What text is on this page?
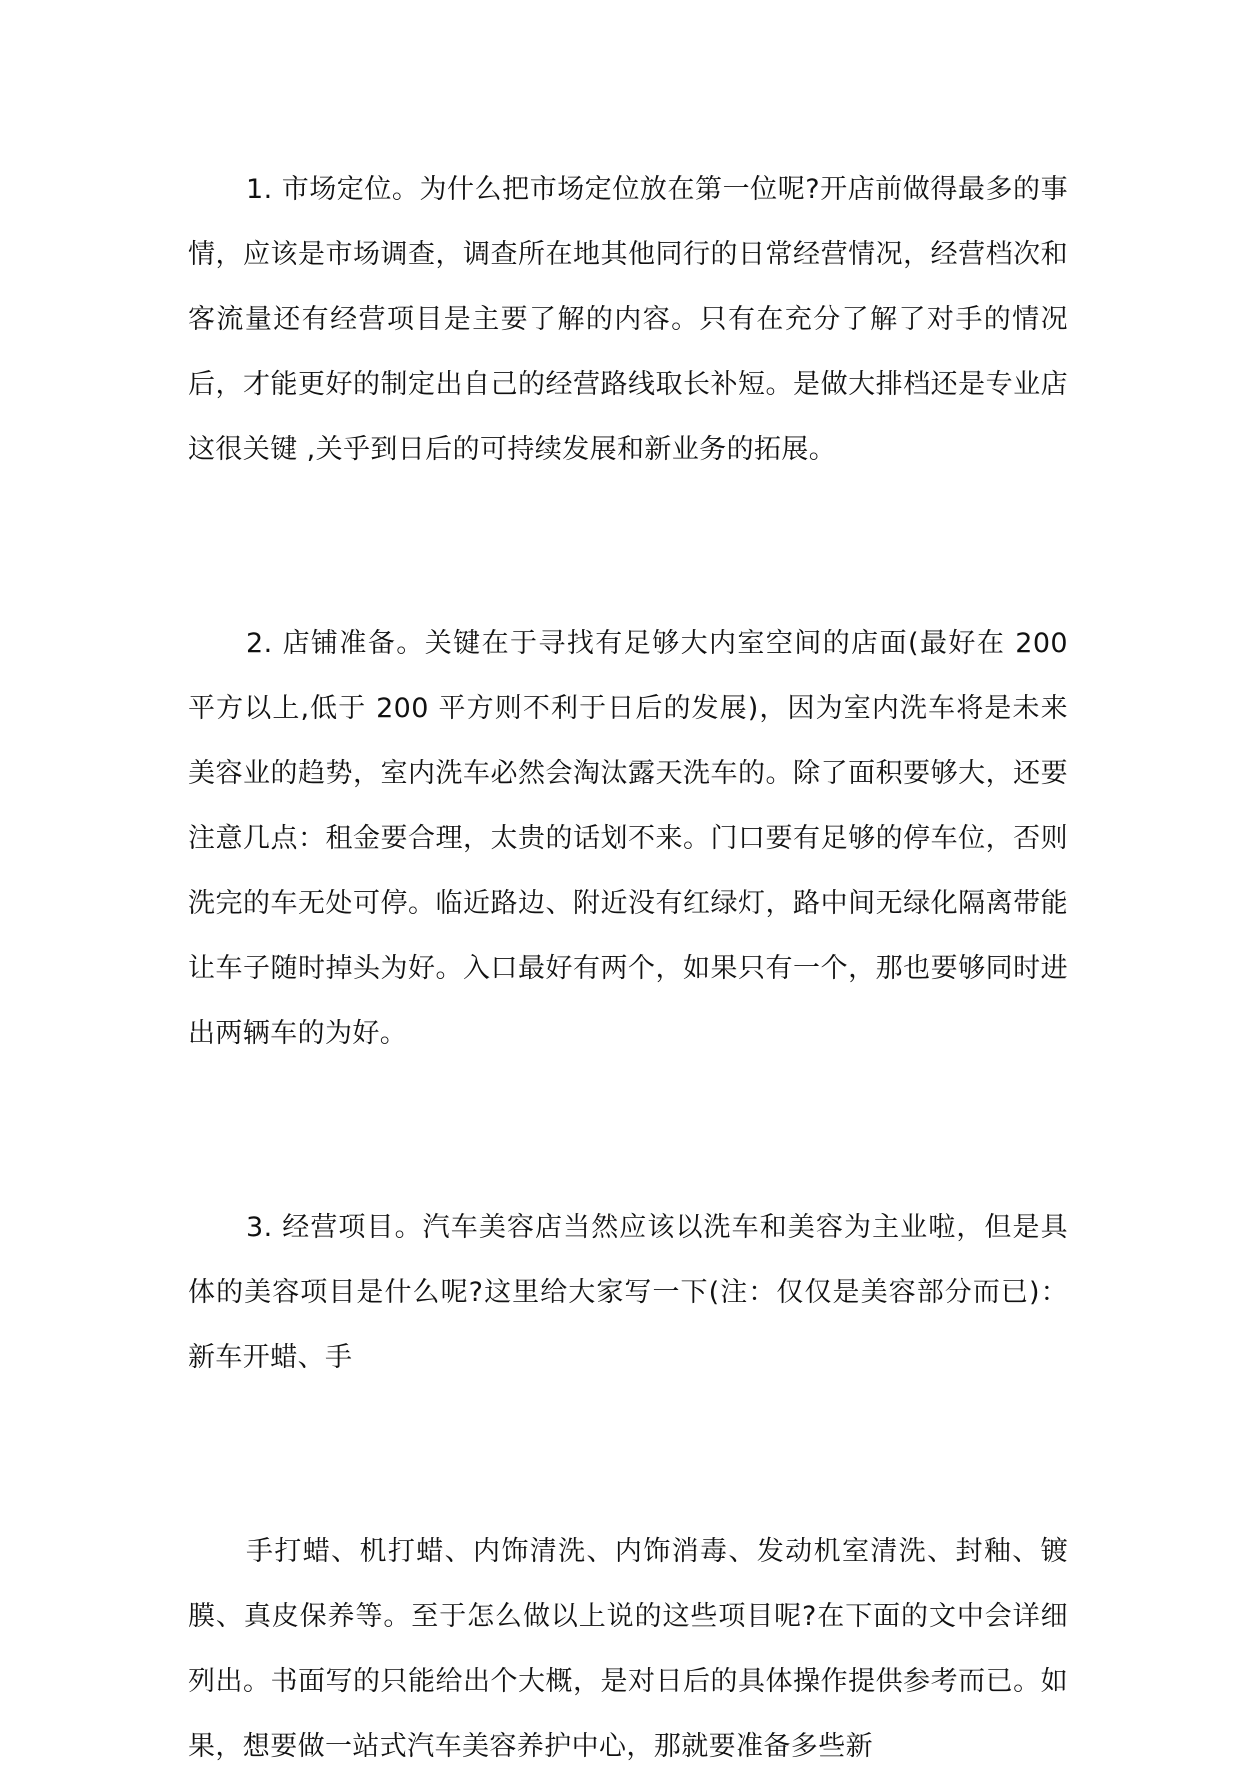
1. 市场定位。为什么把市场定位放在第一位呢?开店前做得最多的事情，应该是市场调查，调查所在地其他同行的日常经营情况，经营档次和客流量还有经营项目是主要了解的内容。只有在充分了解了对手的情况后，才能更好的制定出自己的经营路线取长补短。是做大排档还是专业店这很关键 ,关乎到日后的可持续发展和新业务的拓展。

2. 店铺准备。关键在于寻找有足够大内室空间的店面(最好在 200 平方以上,低于 200 平方则不利于日后的发展)，因为室内洗车将是未来美容业的趋势，室内洗车必然会淘汰露天洗车的。除了面积要够大，还要注意几点：租金要合理，太贵的话划不来。门口要有足够的停车位，否则洗完的车无处可停。临近路边、附近没有红绿灯，路中间无绿化隔离带能让车子随时掉头为好。入口最好有两个，如果只有一个，那也要够同时进出两辆车的为好。

3. 经营项目。汽车美容店当然应该以洗车和美容为主业啦，但是具体的美容项目是什么呢?这里给大家写一下(注：仅仅是美容部分而已)：新车开蜡、手

手打蜡、机打蜡、内饰清洗、内饰消毒、发动机室清洗、封釉、镀膜、真皮保养等。至于怎么做以上说的这些项目呢?在下面的文中会详细列出。书面写的只能给出个大概，是对日后的具体操作提供参考而已。如果，想要做一站式汽车美容养护中心，那就要准备多些新
